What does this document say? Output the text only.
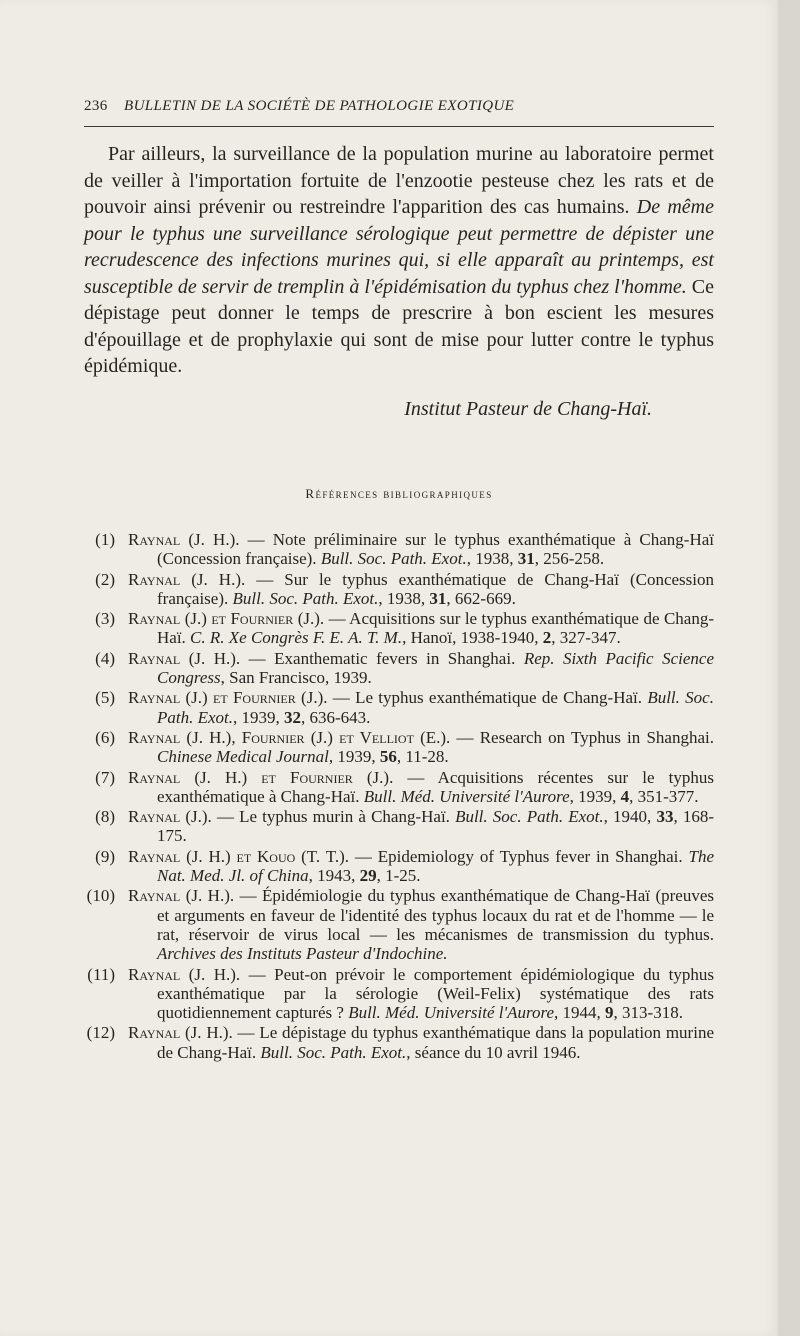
236 BULLETIN DE LA SOCIÉTÈ DE PATHOLOGIE EXOTIQUE

Par ailleurs, la surveillance de la population murine au laboratoire permet de veiller à l'importation fortuite de l'enzootie pesteuse chez les rats et de pouvoir ainsi prévenir ou restreindre l'apparition des cas humains. De même pour le typhus une surveillance sérologique peut permettre de dépister une recrudescence des infections murines qui, si elle apparaît au printemps, est susceptible de servir de tremplin à l'épidémisation du typhus chez l'homme. Ce dépistage peut donner le temps de prescrire à bon escient les mesures d'épouillage et de prophylaxie qui sont de mise pour lutter contre le typhus épidémique.

Institut Pasteur de Chang-Haï.
Références bibliographiques
(1) Raynal (J. H.). — Note préliminaire sur le typhus exanthématique à Chang-Haï (Concession française). Bull. Soc. Path. Exot., 1938, 31, 256-258.
(2) Raynal (J. H.). — Sur le typhus exanthématique de Chang-Haï (Concession française). Bull. Soc. Path. Exot., 1938, 31, 662-669.
(3) Raynal (J.) et Fournier (J.). — Acquisitions sur le typhus exanthématique de Chang-Haï. C. R. Xe Congrès F. E. A. T. M., Hanoï, 1938-1940, 2, 327-347.
(4) Raynal (J. H.). — Exanthematic fevers in Shanghai. Rep. Sixth Pacific Science Congress, San Francisco, 1939.
(5) Raynal (J.) et Fournier (J.). — Le typhus exanthématique de Chang-Haï. Bull. Soc. Path. Exot., 1939, 32, 636-643.
(6) Raynal (J. H.), Fournier (J.) et Velliot (E.). — Research on Typhus in Shanghai. Chinese Medical Journal, 1939, 56, 11-28.
(7) Raynal (J. H.) et Fournier (J.). — Acquisitions récentes sur le typhus exanthématique à Chang-Haï. Bull. Méd. Université l'Aurore, 1939, 4, 351-377.
(8) Raynal (J.). — Le typhus murin à Chang-Haï. Bull. Soc. Path. Exot., 1940, 33, 168-175.
(9) Raynal (J. H.) et Kouo (T. T.). — Epidemiology of Typhus fever in Shanghai. The Nat. Med. Jl. of China, 1943, 29, 1-25.
(10) Raynal (J. H.). — Épidémiologie du typhus exanthématique de Chang-Haï (preuves et arguments en faveur de l'identité des typhus locaux du rat et de l'homme — le rat, réservoir de virus local — les mécanismes de transmission du typhus. Archives des Instituts Pasteur d'Indochine.
(11) Raynal (J. H.). — Peut-on prévoir le comportement épidémiologique du typhus exanthématique par la sérologie (Weil-Felix) systématique des rats quotidiennement capturés ? Bull. Méd. Université l'Aurore, 1944, 9, 313-318.
(12) Raynal (J. H.). — Le dépistage du typhus exanthématique dans la population murine de Chang-Haï. Bull. Soc. Path. Exot., séance du 10 avril 1946.
